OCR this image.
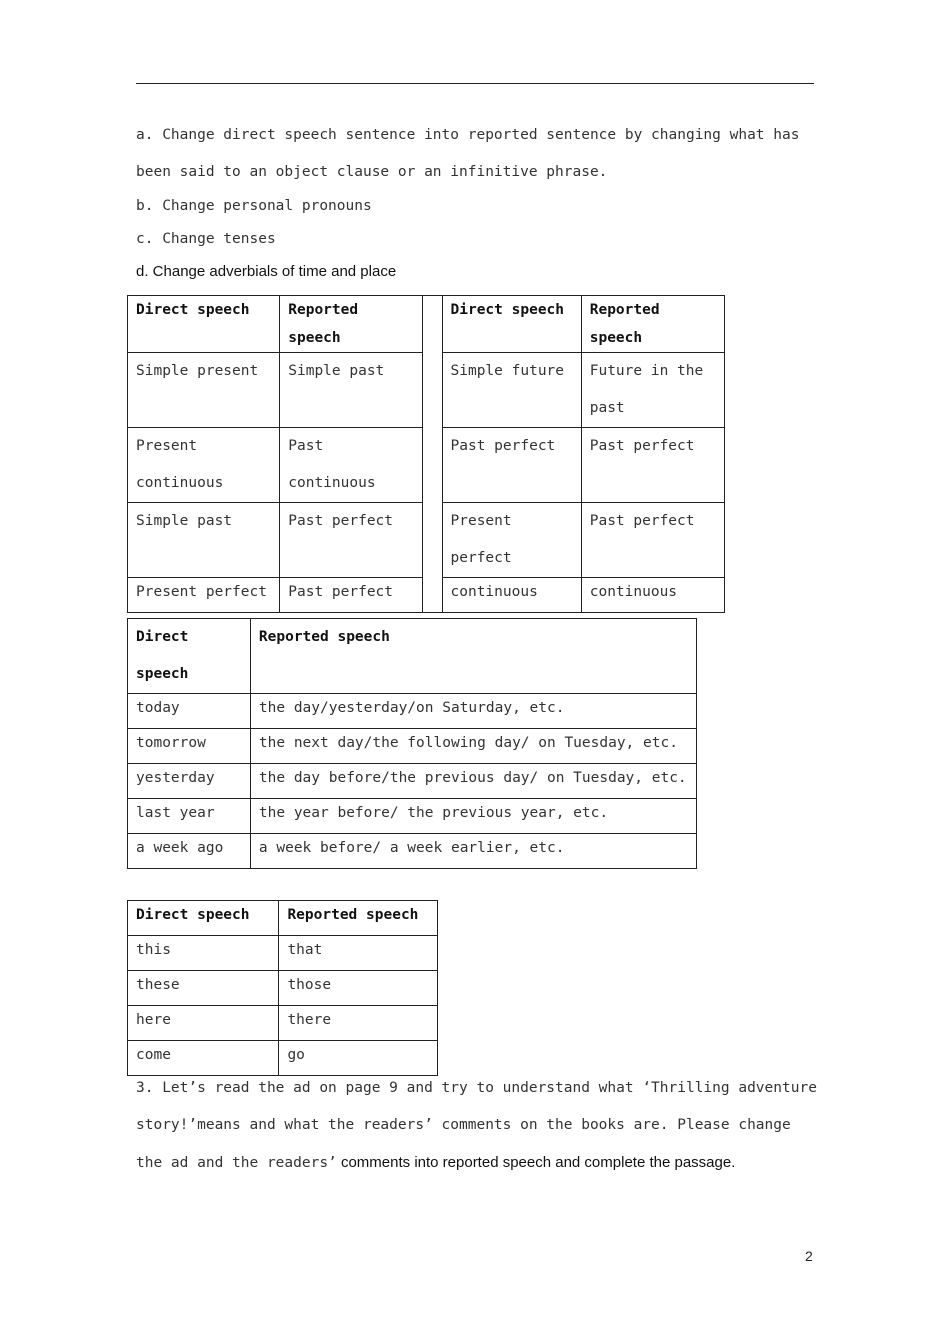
a. Change direct speech sentence into reported sentence by changing what has
been said to an object clause or an infinitive phrase.
b. Change personal pronouns
c. Change tenses
d. Change adverbials of time and place
Direct speech	Reported speech		Direct speech	Reported speech
Simple present	Simple past		Simple future	Future in the
past
Present
continuous	Past continuous		Past perfect	Past perfect
Simple past	Past perfect		Present
perfect	Past perfect
Present perfect	Past perfect		continuous	continuous
Direct
speech	Reported speech
today	the day/yesterday/on Saturday, etc.
tomorrow	the next day/the following day/ on Tuesday, etc.
yesterday	the day before/the previous day/ on Tuesday, etc.
last year	the year before/ the previous year, etc.
a week ago	a week before/ a week earlier, etc.
Direct speech	Reported speech
this	that
these	those
here	there
come	go
3. Let’s read the ad on page 9 and try to understand what ‘Thrilling adventure
story!’means and what the readers’ comments on the books are. Please change
the ad and the readers’ comments into reported speech and complete the passage.
2
